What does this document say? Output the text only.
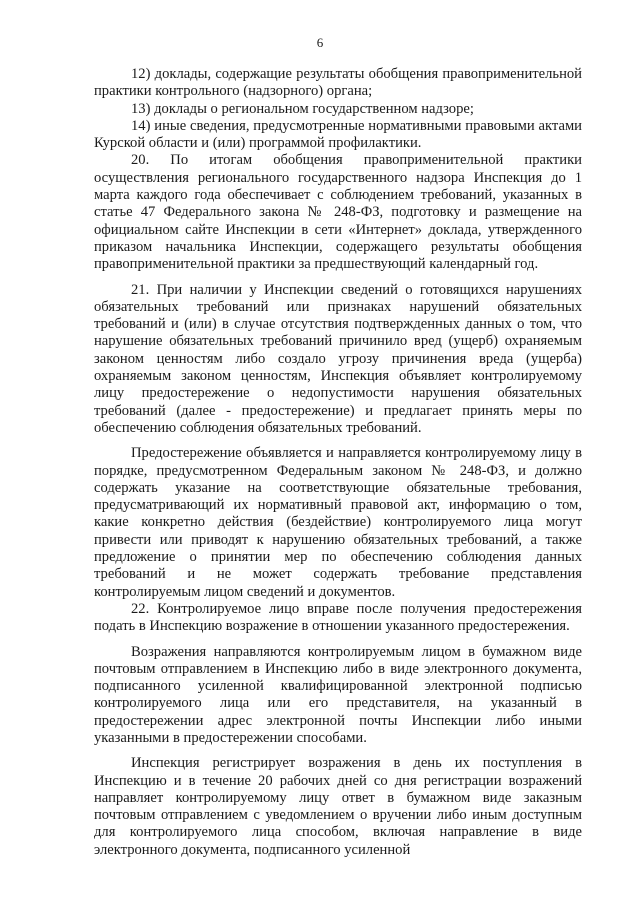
6

12) доклады, содержащие результаты обобщения правоприменительной практики контрольного (надзорного) органа;

13) доклады о региональном государственном надзоре;

14) иные сведения, предусмотренные нормативными правовыми актами Курской области и (или) программой профилактики.

20. По итогам обобщения правоприменительной практики осуществления регионального государственного надзора Инспекция до 1 марта каждого года обеспечивает с соблюдением требований, указанных в статье 47 Федерального закона № 248-ФЗ, подготовку и размещение на официальном сайте Инспекции в сети «Интернет» доклада, утвержденного приказом начальника Инспекции, содержащего результаты обобщения правоприменительной практики за предшествующий календарный год.

21. При наличии у Инспекции сведений о готовящихся нарушениях обязательных требований или признаках нарушений обязательных требований и (или) в случае отсутствия подтвержденных данных о том, что нарушение обязательных требований причинило вред (ущерб) охраняемым законом ценностям либо создало угрозу причинения вреда (ущерба) охраняемым законом ценностям, Инспекция объявляет контролируемому лицу предостережение о недопустимости нарушения обязательных требований (далее - предостережение) и предлагает принять меры по обеспечению соблюдения обязательных требований.

Предостережение объявляется и направляется контролируемому лицу в порядке, предусмотренном Федеральным законом № 248-ФЗ, и должно содержать указание на соответствующие обязательные требования, предусматривающий их нормативный правовой акт, информацию о том, какие конкретно действия (бездействие) контролируемого лица могут привести или приводят к нарушению обязательных требований, а также предложение о принятии мер по обеспечению соблюдения данных требований и не может содержать требование представления контролируемым лицом сведений и документов.

22. Контролируемое лицо вправе после получения предостережения подать в Инспекцию возражение в отношении указанного предостережения.

Возражения направляются контролируемым лицом в бумажном виде почтовым отправлением в Инспекцию либо в виде электронного документа, подписанного усиленной квалифицированной электронной подписью контролируемого лица или его представителя, на указанный в предостережении адрес электронной почты Инспекции либо иными указанными в предостережении способами.

Инспекция регистрирует возражения в день их поступления в Инспекцию и в течение 20 рабочих дней со дня регистрации возражений направляет контролируемому лицу ответ в бумажном виде заказным почтовым отправлением с уведомлением о вручении либо иным доступным для контролируемого лица способом, включая направление в виде электронного документа, подписанного усиленной
